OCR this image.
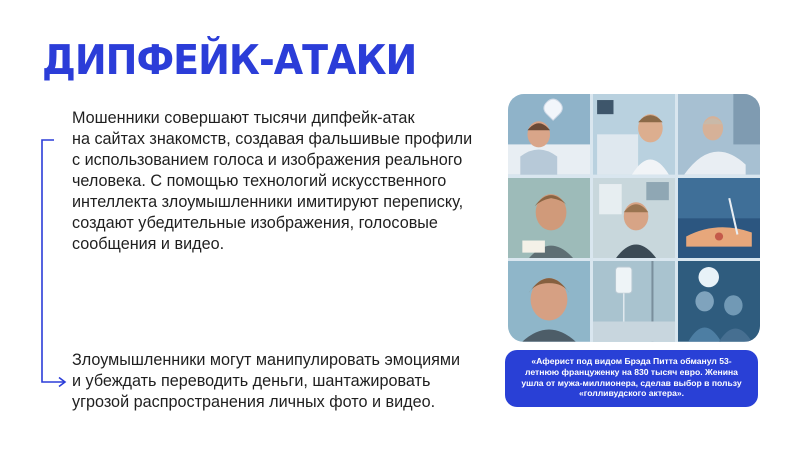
ДИПФЕЙК-АТАКИ
Мошенники совершают тысячи дипфейк-атак
на сайтах знакомств, создавая фальшивые профили
с использованием голоса и изображения реального
человека. С помощью технологий искусственного
интеллекта злоумышленники имитируют переписку,
создают убедительные изображения, голосовые
сообщения и видео.
Злоумышленники могут манипулировать эмоциями
и убеждать переводить деньги, шантажировать
угрозой распространения личных фото и видео.
«Аферист под видом Брэда Питта обманул 53-
летнюю француженку на 830 тысяч евро. Женина
ушла от мужа-миллионера, сделав выбор в пользу
«голливудского актера».
